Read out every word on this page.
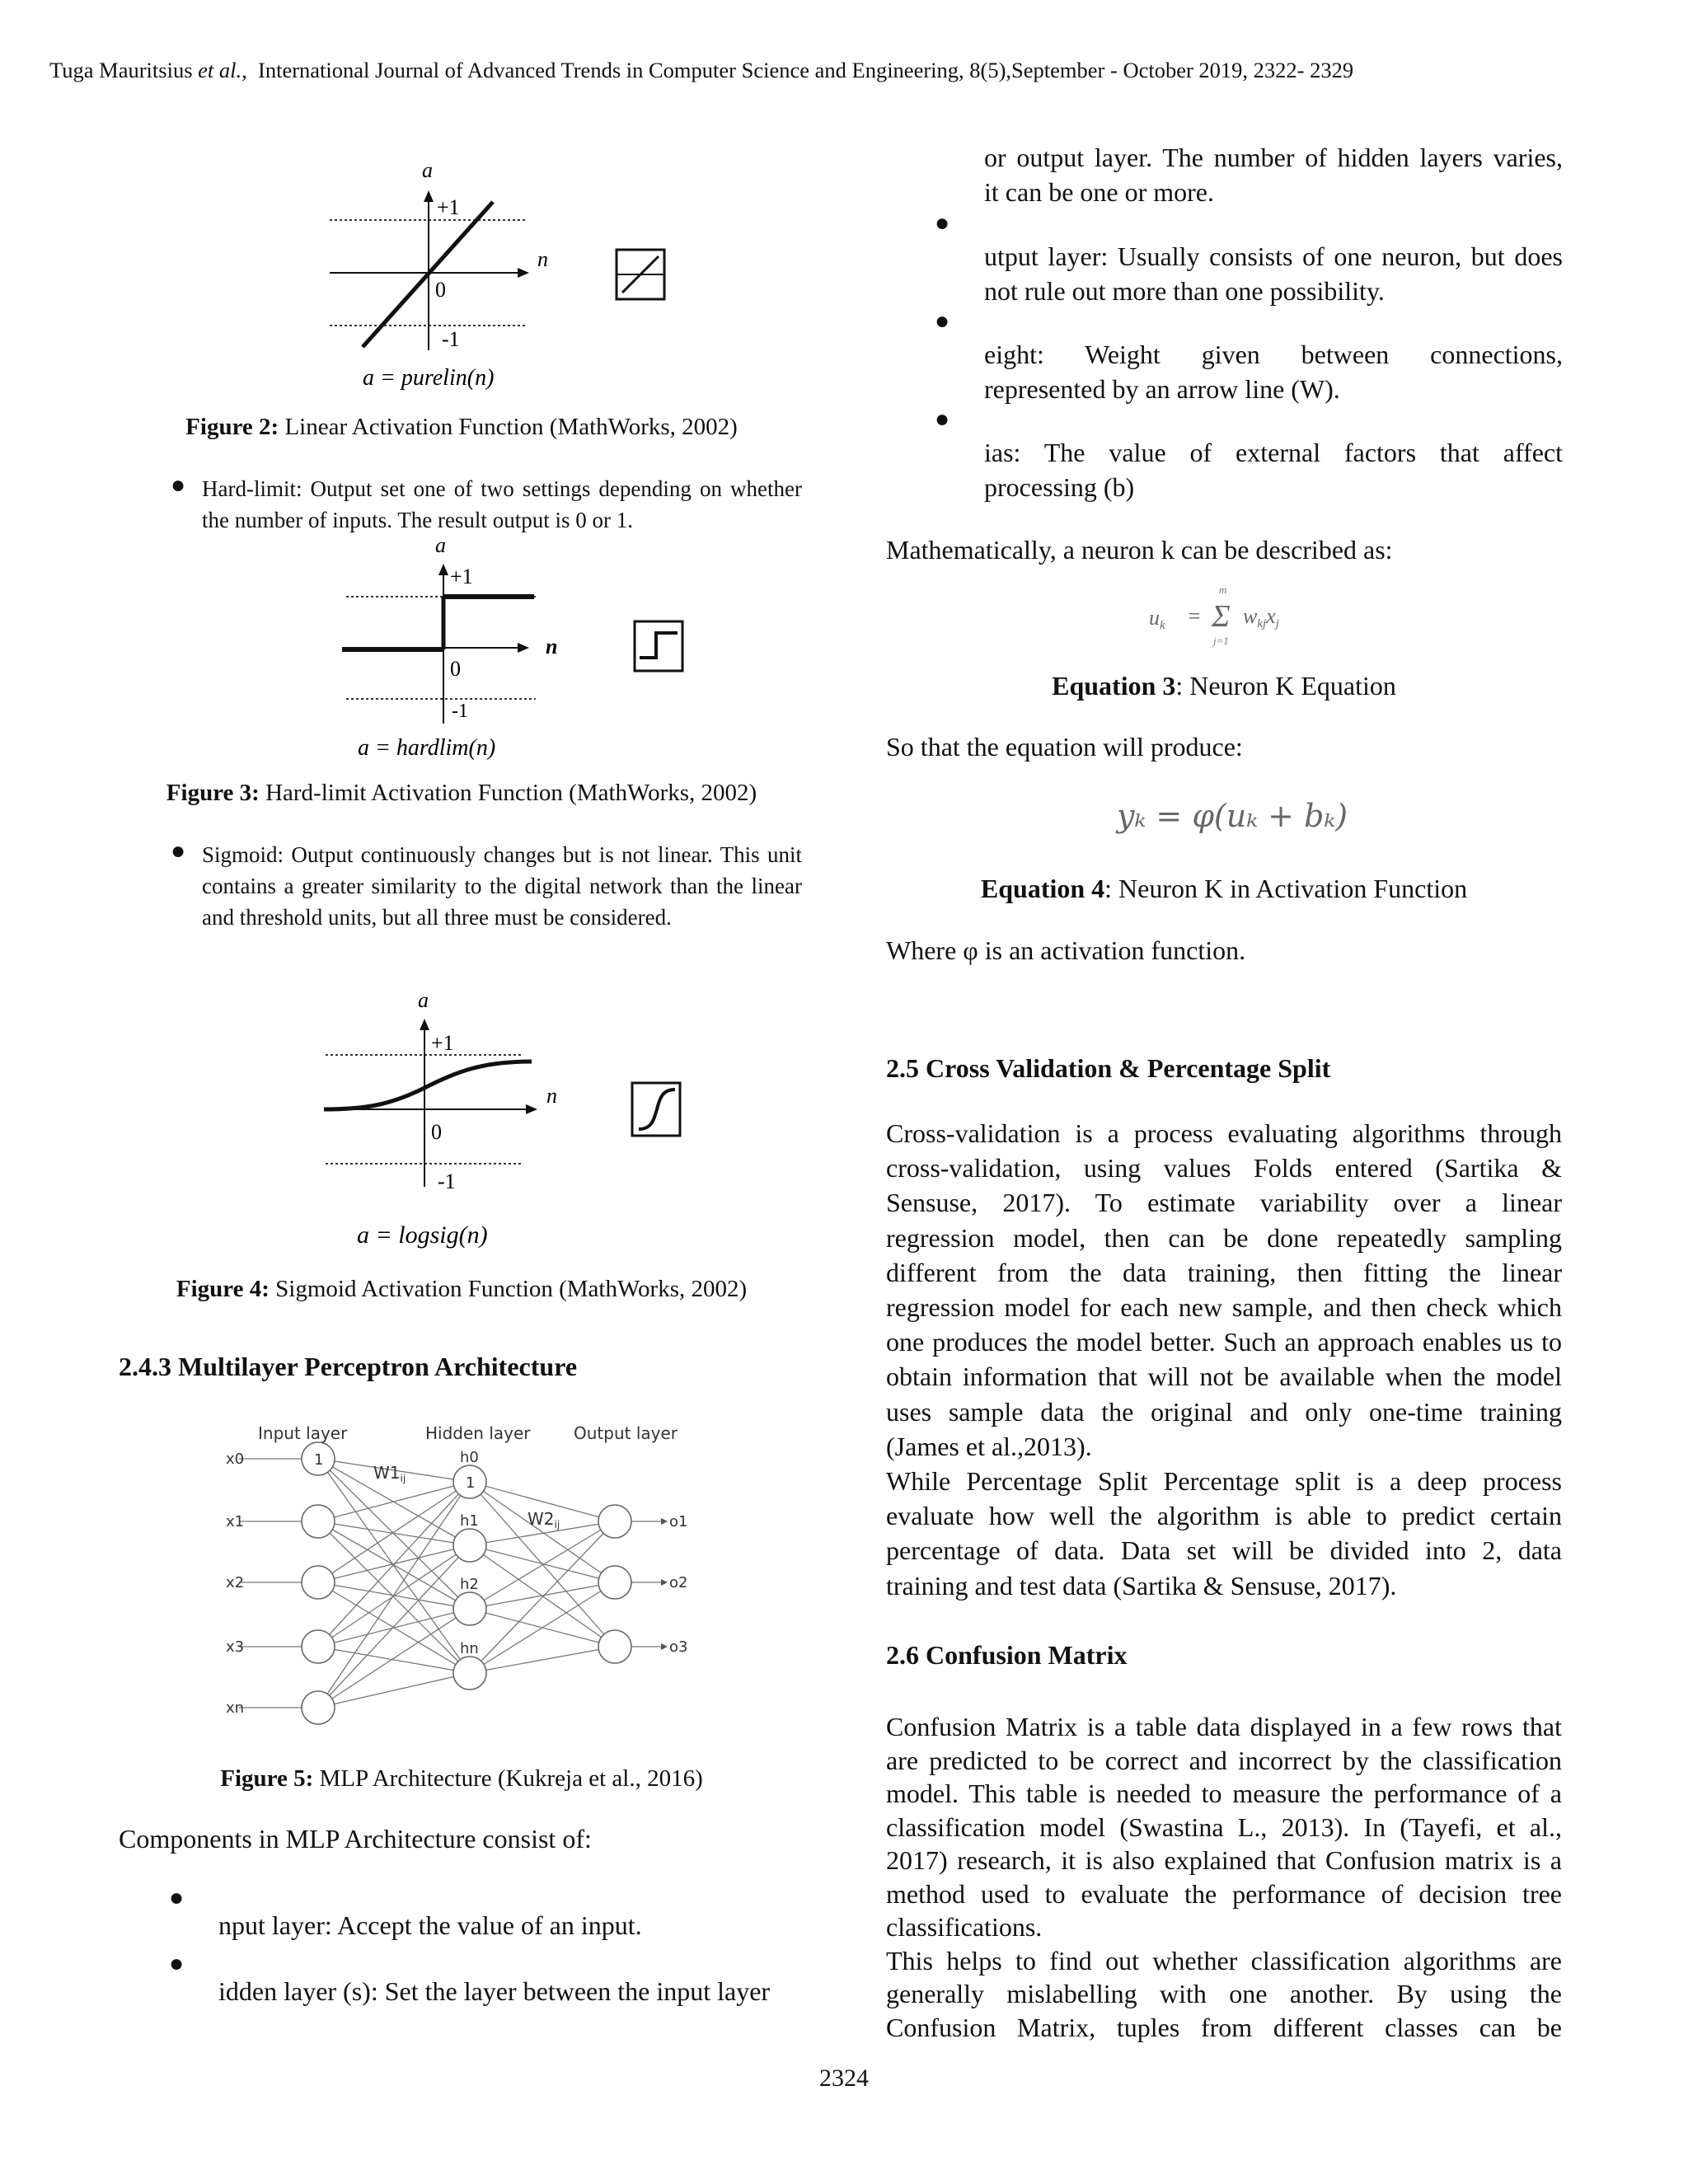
Tuga Mauritsius et al., International Journal of Advanced Trends in Computer Science and Engineering, 8(5),September - October 2019, 2322- 2329
a
n
+1
0
-1
a = purelin(n)
Figure 2: Linear Activation Function (MathWorks, 2002)
● Hard-limit: Output set one of two settings depending on whether the number of inputs. The result output is 0 or 1.
a
n
+1
0
-1
a = hardlim(n)
Figure 3: Hard-limit Activation Function (MathWorks, 2002)
● Sigmoid: Output continuously changes but is not linear. This unit contains a greater similarity to the digital network than the linear and threshold units, but all three must be considered.
a
n
+1
0
-1
a = logsig(n)
Figure 4: Sigmoid Activation Function (MathWorks, 2002)
2.4.3 Multilayer Perceptron Architecture
x0
x1
x2
x3
xn
1	h0
h1
h2
hn
1
o1
o2
o3
Input layer	Hidden layer	Output layer
$W1_{ij}$
$W2_{ij}$
Figure 5: MLP Architecture (Kukreja et al., 2016)
Components in MLP Architecture consist of:
●
nput layer: Accept the value of an input.
●
idden layer (s): Set the layer between the input layer
or output layer. The number of hidden layers varies,
it can be one or more.
●
utput layer: Usually consists of one neuron, but does
not rule out more than one possibility.
●
eight: Weight given between connections,
represented by an arrow line (W).
●
ias: The value of external factors that affect
processing (b)
Mathematically, a neuron k can be described as:
uk =
m
Σ
j=1
wkjxj
Equation 3: Neuron K Equation
So that the equation will produce:
yₖ = φ(uₖ + bₖ)
Equation 4: Neuron K in Activation Function
Where φ is an activation function.
2.5 Cross Validation & Percentage Split
Cross-validation is a process evaluating algorithms through
cross-validation, using values Folds entered (Sartika &
Sensuse, 2017). To estimate variability over a linear
regression model, then can be done repeatedly sampling
different from the data training, then fitting the linear
regression model for each new sample, and then check which
one produces the model better. Such an approach enables us to
obtain information that will not be available when the model
uses sample data the original and only one-time training
(James et al.,2013).
While Percentage Split Percentage split is a deep process
evaluate how well the algorithm is able to predict certain
percentage of data. Data set will be divided into 2, data
training and test data (Sartika & Sensuse, 2017).
2.6 Confusion Matrix
Confusion Matrix is a table data displayed in a few rows that
are predicted to be correct and incorrect by the classification
model. This table is needed to measure the performance of a
classification model (Swastina L., 2013). In (Tayefi, et al.,
2017) research, it is also explained that Confusion matrix is a
method used to evaluate the performance of decision tree
classifications.
This helps to find out whether classification algorithms are
generally mislabelling with one another. By using the
Confusion Matrix, tuples from different classes can be
2324
